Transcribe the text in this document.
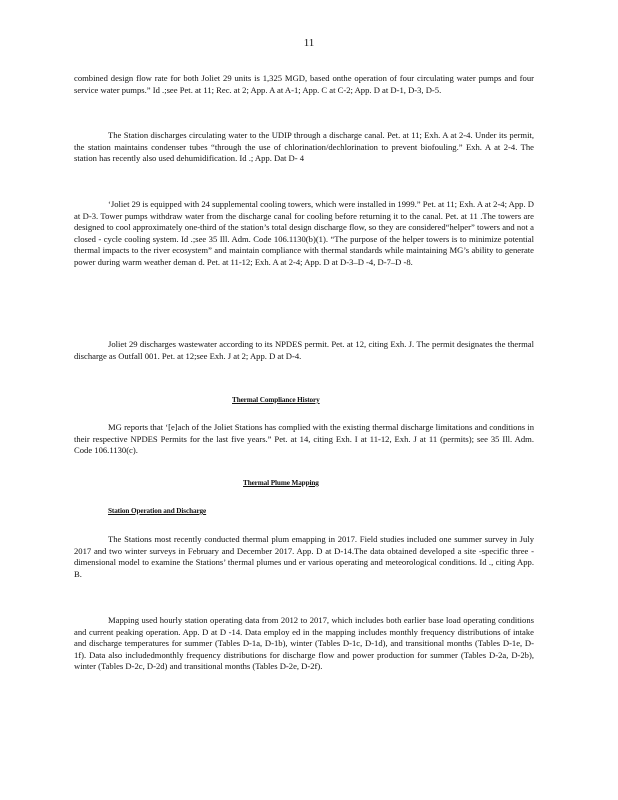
11

combined design flow rate for both Joliet 29 units is 1,325 MGD, based onthe operation of four circulating water pumps and four service water pumps.” Id .;see Pet. at 11; Rec. at 2; App. A at A-1; App. C at C-2; App. D at D-1, D-3, D-5.

The Station discharges circulating water to the UDIP through a discharge canal. Pet. at 11; Exh. A at 2-4. Under its permit, the station maintains condenser tubes “through the use of chlorination/dechlorination to prevent biofouling.” Exh. A at 2-4. The station has recently also used dehumidification. Id .; App. Dat D- 4

‘Joliet 29 is equipped with 24 supplemental cooling towers, which were installed in 1999.” Pet. at 11; Exh. A at 2-4; App. D at D-3. Tower pumps withdraw water from the discharge canal for cooling before returning it to the canal. Pet. at 11 .The towers are designed to cool approximately one-third of the station’s total design discharge flow, so they are considered“helper” towers and not a closed - cycle cooling system. Id .;see 35 Ill. Adm. Code 106.1130(b)(1). “The purpose of the helper towers is to minimize potential thermal impacts to the river ecosystem” and maintain compliance with thermal standards while maintaining MG’s ability to generate power during warm weather deman d. Pet. at 11-12; Exh. A at 2-4; App. D at D-3–D -4, D-7–D -8.

Joliet 29 discharges wastewater according to its NPDES permit. Pet. at 12, citing Exh. J. The permit designates the thermal discharge as Outfall 001. Pet. at 12;see Exh. J at 2; App. D at D-4.

Thermal Compliance History

MG reports that ‘[e]ach of the Joliet Stations has complied with the existing thermal discharge limitations and conditions in their respective NPDES Permits for the last five years.” Pet. at 14, citing Exh. I at 11-12, Exh. J at 11 (permits); see 35 Ill. Adm. Code 106.1130(c).

Thermal Plume Mapping
Station Operation and Discharge

The Stations most recently conducted thermal plum emapping in 2017. Field studies included one summer survey in July 2017 and two winter surveys in February and December 2017. App. D at D-14.The data obtained developed a site -specific three -dimensional model to examine the Stations’ thermal plumes und er various operating and meteorological conditions. Id ., citing App. B.

Mapping used hourly station operating data from 2012 to 2017, which includes both earlier base load operating conditions and current peaking operation. App. D at D -14. Data employ ed in the mapping includes monthly frequency distributions of intake and discharge temperatures for summer (Tables D-1a, D-1b), winter (Tables D-1c, D-1d), and transitional months (Tables D-1e, D-1f). Data also includedmonthly frequency distributions for discharge flow and power production for summer (Tables D-2a, D-2b), winter (Tables D-2c, D-2d) and transitional months (Tables D-2e, D-2f).
